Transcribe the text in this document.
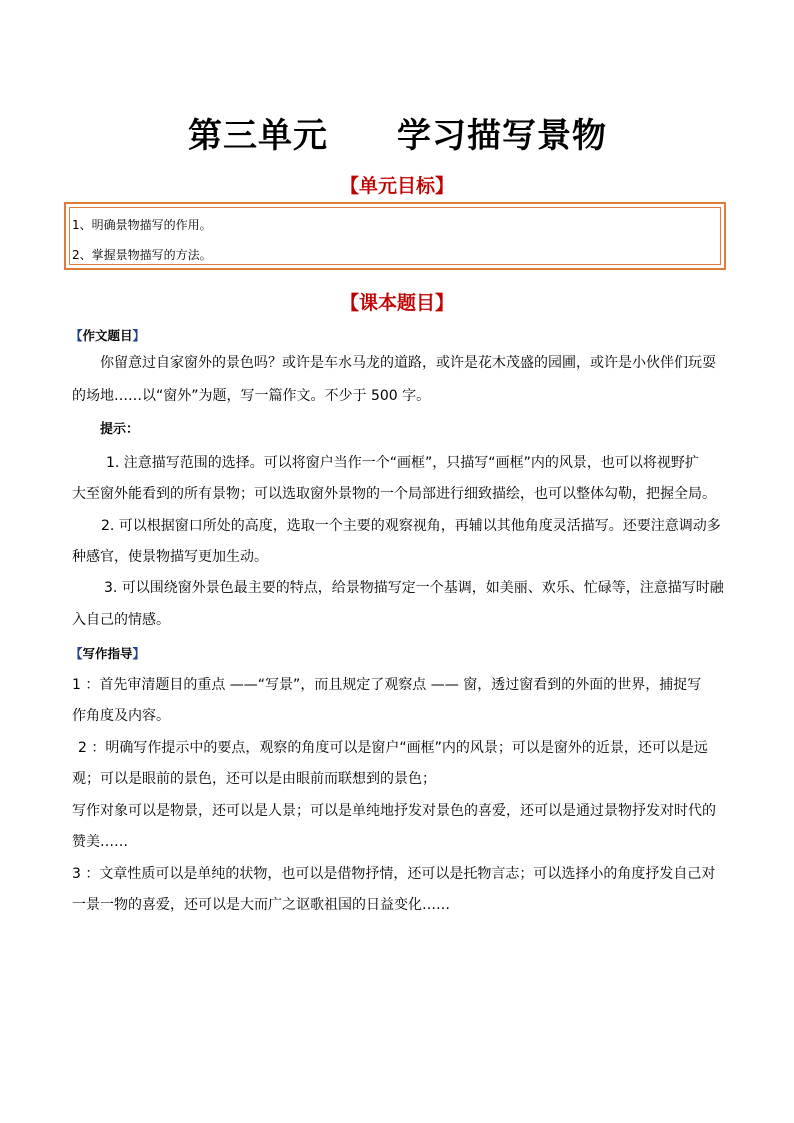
第三单元 学习描写景物
【单元目标】
1、明确景物描写的作用。
2、掌握景物描写的方法。
【课本题目】
【作文题目】
你留意过自家窗外的景色吗？或许是车水马龙的道路，或许是花木茂盛的园圃，或许是小伙伴们玩耍
的场地……以“窗外”为题，写一篇作文。不少于 500 字。
提示：
1. 注意描写范围的选择。可以将窗户当作一个“画框”，只描写“画框”内的风景，也可以将视野扩
大至窗外能看到的所有景物；可以选取窗外景物的一个局部进行细致描绘，也可以整体勾勒，把握全局。
2. 可以根据窗口所处的高度，选取一个主要的观察视角，再辅以其他角度灵活描写。还要注意调动多
种感官，使景物描写更加生动。
3. 可以围绕窗外景色最主要的特点，给景物描写定一个基调，如美丽、欢乐、忙碌等，注意描写时融
入自己的情感。
【写作指导】
1 ：首先审清题目的重点 ——“写景”，而且规定了观察点 —— 窗，透过窗看到的外面的世界，捕捉写
作角度及内容。
2 ：明确写作提示中的要点，观察的角度可以是窗户“画框”内的风景；可以是窗外的近景，还可以是远
观；可以是眼前的景色，还可以是由眼前而联想到的景色；
写作对象可以是物景，还可以是人景；可以是单纯地抒发对景色的喜爱，还可以是通过景物抒发对时代的
赞美……
3 ：文章性质可以是单纯的状物，也可以是借物抒情，还可以是托物言志；可以选择小的角度抒发自己对
一景一物的喜爱，还可以是大而广之讴歌祖国的日益变化……
